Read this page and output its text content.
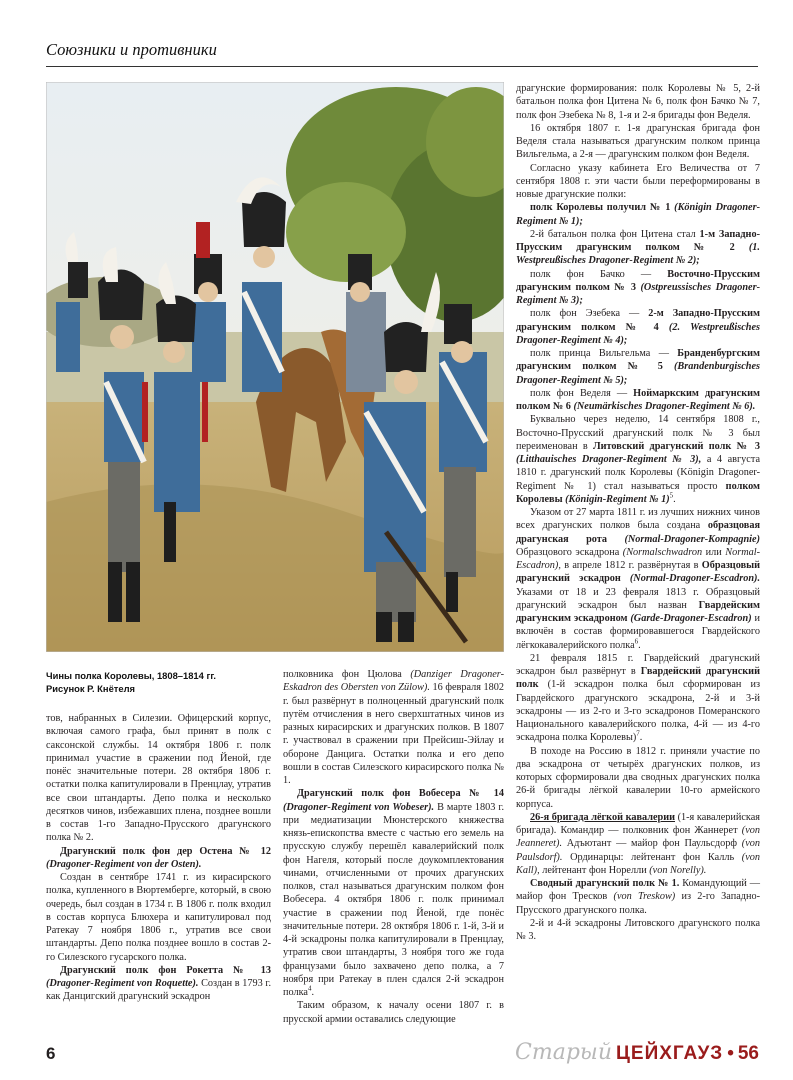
Союзники и противники
Чины полка Королевы, 1808–1814 гг.
Рисунок Р. Кнётеля

тов, набранных в Силезии. Офицерский корпус, включая самого графа, был принят в полк с саксонской службы. 14 октября 1806 г. полк принимал участие в сражении под Йеной, где понёс значительные потери. 28 октября 1806 г. остатки полка капитулировали в Пренцлау, утратив все свои штандарты. Депо полка и несколько десятков чинов, избежавших плена, позднее вошли в состав 1-го Западно-Прусского драгунского полка № 2.

Драгунский полк фон дер Остена № 12 (Dragoner-Regiment von der Osten).

Создан в сентябре 1741 г. из кирасирского полка, купленного в Вюртемберге, который, в свою очередь, был создан в 1734 г. В 1806 г. полк входил в состав корпуса Блюхера и капитулировал под Ратекау 7 ноября 1806 г., утратив все свои штандарты. Депо полка позднее вошло в состав 2-го Силезского гусарского полка.

Драгунский полк фон Рокетта № 13 (Dragoner-Regiment von Roquette). Создан в 1793 г. как Данцигский драгунский эскадрон

полковника фон Цюлова (Danziger Dragoner-Eskadron des Obersten von Zülow). 16 февраля 1802 г. был развёрнут в полноценный драгунский полк путём отчисления в него сверхштатных чинов из разных кирасирских и драгунских полков. В 1807 г. участвовал в сражении при Прейсиш-Эйлау и обороне Данцига. Остатки полка и его депо вошли в состав Силезского кирасирского полка № 1.

Драгунский полк фон Вобесера № 14 (Dragoner-Regiment von Wobeser). В марте 1803 г. при медиатизации Мюнстерского княжества князь-епископства вместе с частью его земель на прусскую службу перешёл кавалерийский полк фон Нагеля, который после доукомплектования чинами, отчисленными от прочих драгунских полков, стал называться драгунским полком фон Вобесера. 4 октября 1806 г. полк принимал участие в сражении под Йеной, где понёс значительные потери. 28 октября 1806 г. 1-й, 3-й и 4-й эскадроны полка капитулировали в Пренцлау, утратив свои штандарты, 3 ноября того же года французами было захвачено депо полка, а 7 ноября при Ратекау в плен сдался 2-й эскадрон полка$^4$.

Таким образом, к началу осени 1807 г. в прусской армии оставались следующие

драгунские формирования: полк Королевы № 5, 2-й батальон полка фон Цитена № 6, полк фон Бачко № 7, полк фон Эзебека № 8, 1-я и 2-я бригады фон Веделя.

16 октября 1807 г. 1-я драгунская бригада фон Веделя стала называться драгунским полком принца Вильгельма, а 2-я — драгунским полком фон Веделя.

Согласно указу кабинета Его Величества от 7 сентября 1808 г. эти части были переформированы в новые драгунские полки:

полк Королевы получил № 1 (Königin Dragoner-Regiment № 1);

2-й батальон полка фон Цитена стал 1-м Западно-Прусским драгунским полком № 2 (1. Westpreußisches Dragoner-Regiment № 2);

полк фон Бачко — Восточно-Прусским драгунским полком № 3 (Ostpreussisches Dragoner-Regiment № 3);

полк фон Эзебека — 2-м Западно-Прусским драгунским полком № 4 (2. Westpreußisches Dragoner-Regiment № 4);

полк принца Вильгельма — Бранденбургским драгунским полком № 5 (Brandenburgisches Dragoner-Regiment № 5);

полк фон Веделя — Ноймаркским драгунским полком № 6 (Neumärkisches Dragoner-Regiment № 6).

Буквально через неделю, 14 сентября 1808 г., Восточно-Прусский драгунский полк № 3 был переименован в Литовский драгунский полк № 3 (Litthauisches Dragoner-Regiment № 3), а 4 августа 1810 г. драгунский полк Королевы (Königin Dragoner-Regiment № 1) стал называться просто полком Королевы (Königin-Regiment № 1)$^5$.

Указом от 27 марта 1811 г. из лучших нижних чинов всех драгунских полков была создана образцовая драгунская рота (Normal-Dragoner-Kompagnie) Образцового эскадрона (Normalschwadron или Normal-Escadron), в апреле 1812 г. развёрнутая в Образцовый драгунский эскадрон (Normal-Dragoner-Escadron). Указами от 18 и 23 февраля 1813 г. Образцовый драгунский эскадрон был назван Гвардейским драгунским эскадроном (Garde-Dragoner-Escadron) и включён в состав формировавшегося Гвардейского лёгкокавалерийского полка$^6$.

21 февраля 1815 г. Гвардейский драгунский эскадрон был развёрнут в Гвардейский драгунский полк (1-й эскадрон полка был сформирован из Гвардейского драгунского эскадрона, 2-й и 3-й эскадроны — из 2-го и 3-го эскадронов Померанского Национального кавалерийского полка, 4-й — из 4-го эскадрона полка Королевы)$^7$.

В походе на Россию в 1812 г. приняли участие по два эскадрона от четырёх драгунских полков, из которых сформировали два сводных драгунских полка 26-й бригады лёгкой кавалерии 10-го армейского корпуса.

26-я бригада лёгкой кавалерии (1-я кавалерийская бригада). Командир — полковник фон Жаннерет (von Jeanneret). Адъютант — майор фон Паульсдорф (von Paulsdorf). Ординарцы: лейтенант фон Калль (von Kall), лейтенант фон Норелли (von Norelly).

Сводный драгунский полк № 1. Командующий — майор фон Тресков (von Treskow) из 2-го Западно-Прусского драгунского полка.

2-й и 4-й эскадроны Литовского драгунского полка № 3.

6	Старый ЦЕЙХГАУЗ • 56
